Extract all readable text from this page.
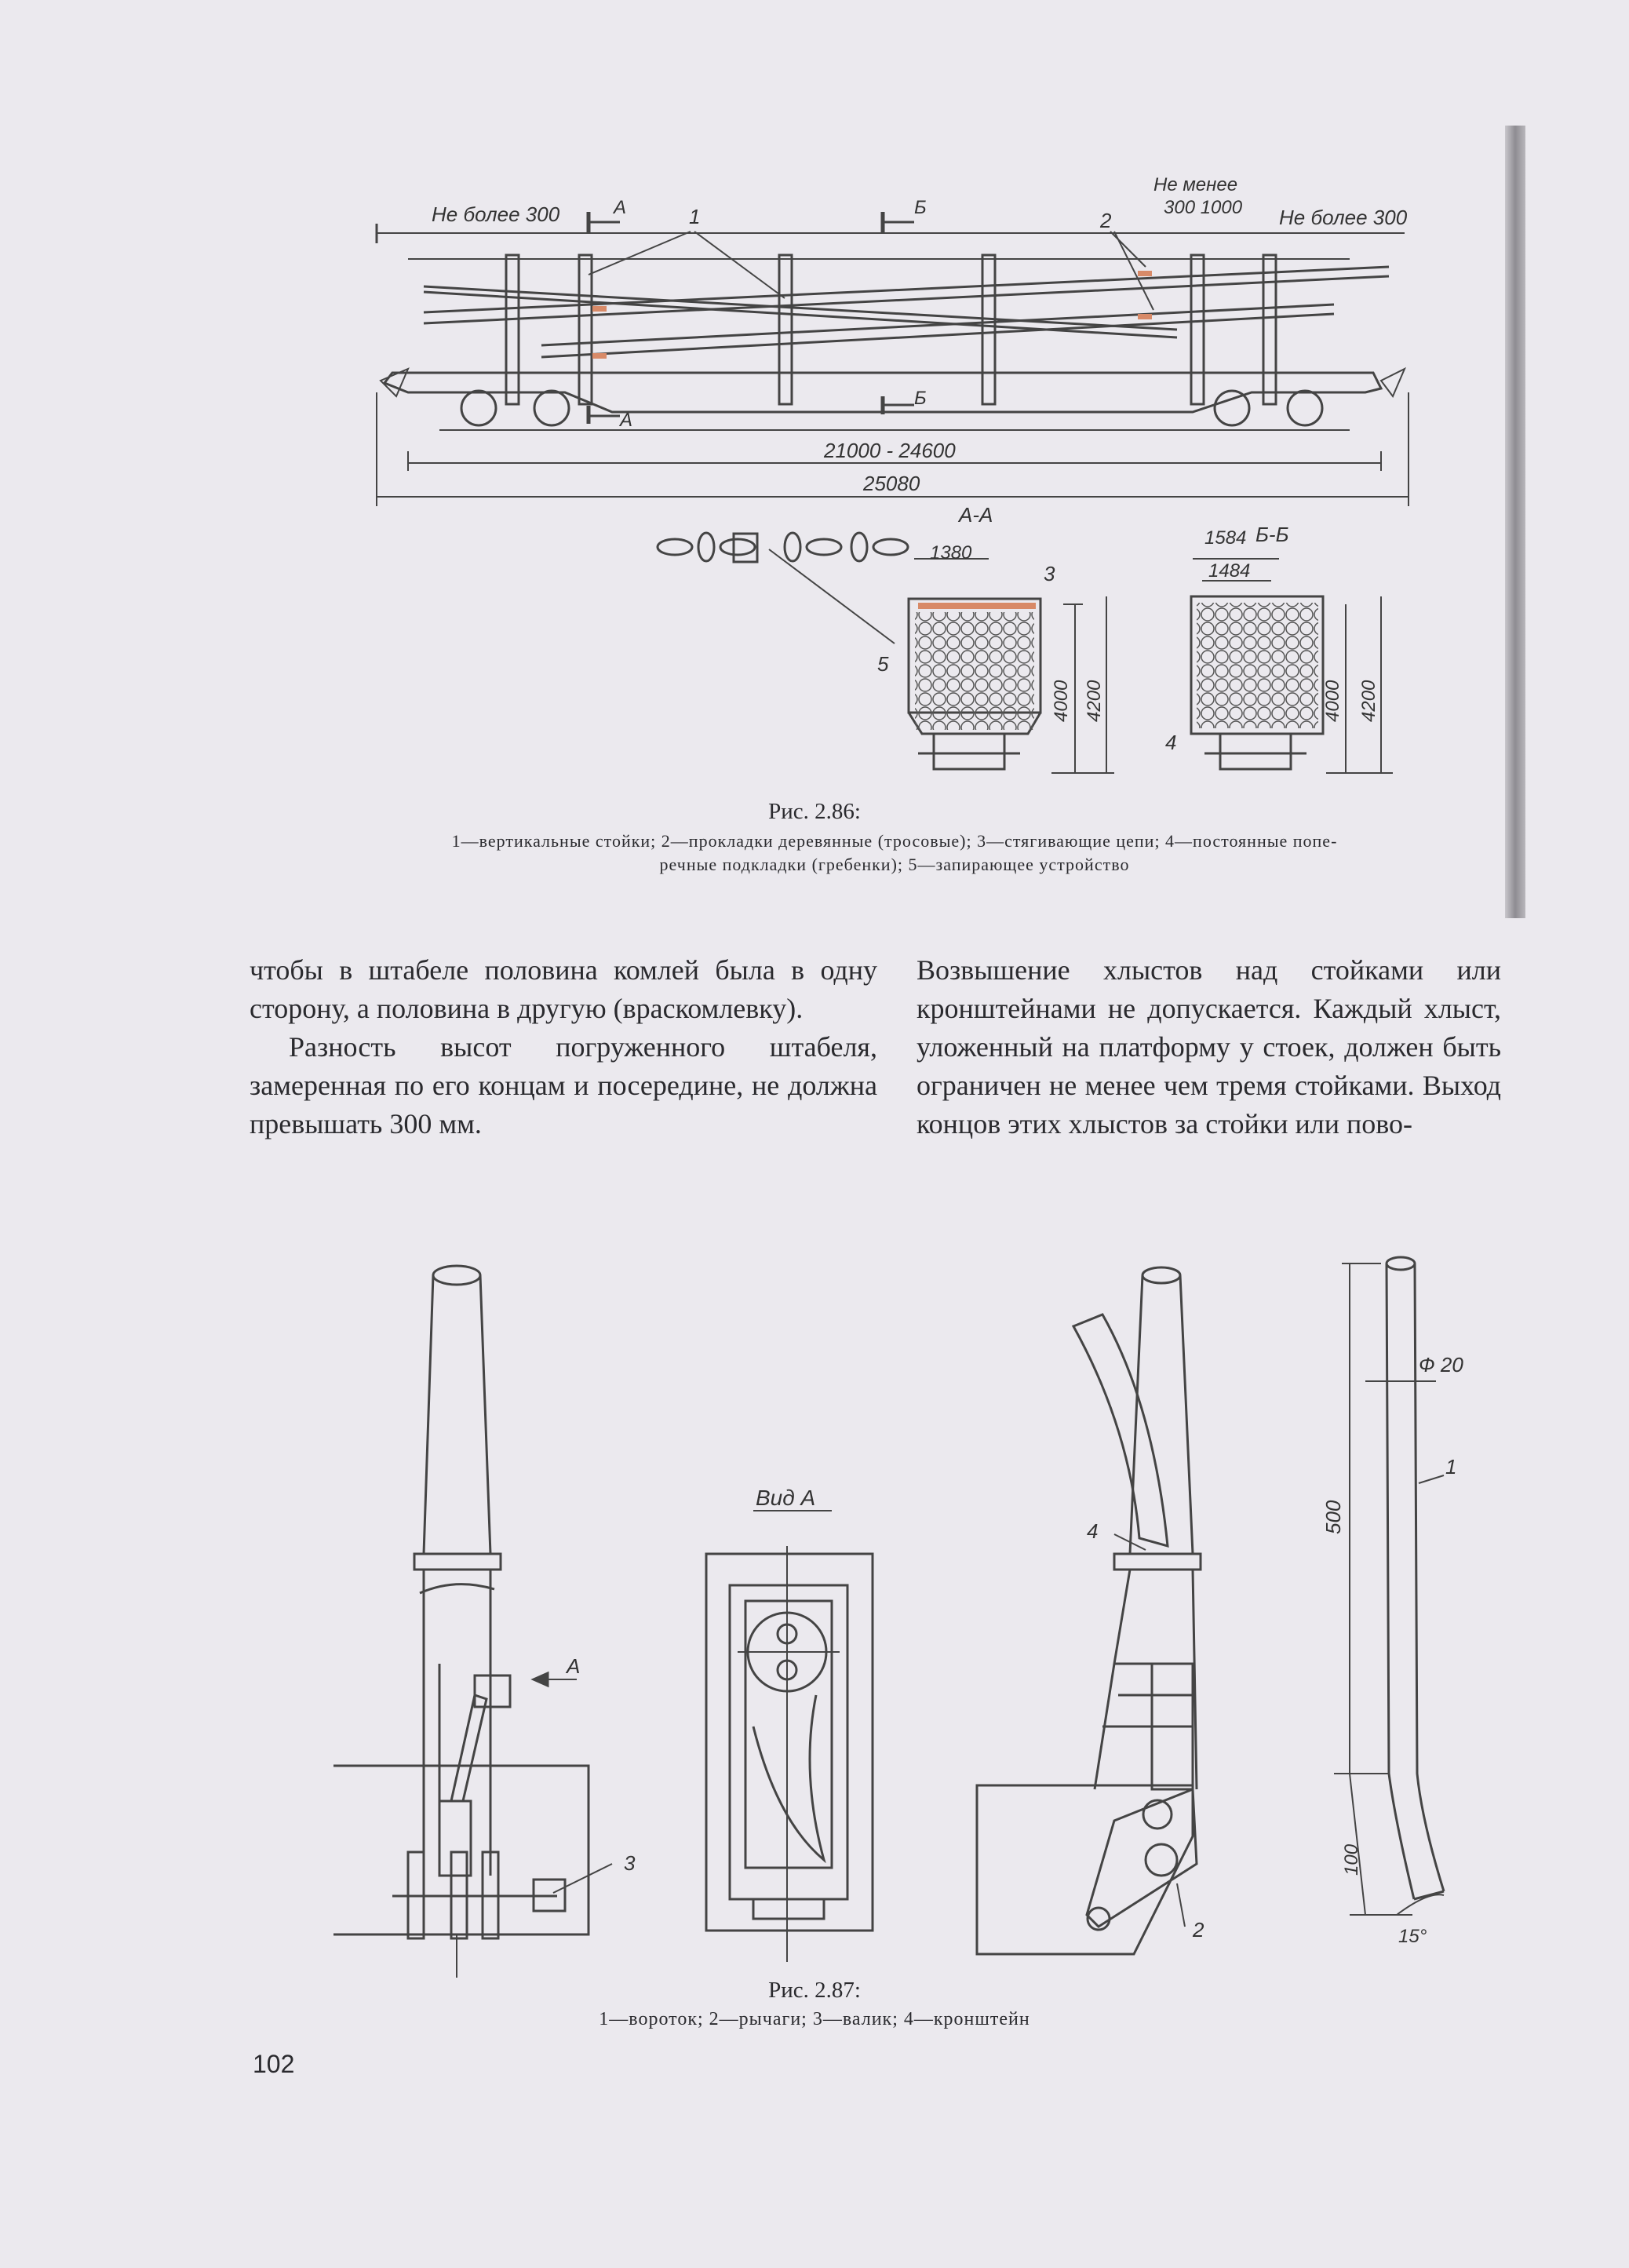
Не более 300	Не более 300
Не менее
300 1000
А	Б
А
Б
1	2
21000 - 24600
25080
А-А
Б-Б
1380
1584
1484
3
5
4
4000 4200	4000 4200
Рис. 2.86:
1—вертикальные стойки; 2—прокладки деревянные (тросовые); 3—стягивающие цепи; 4—постоянные попе-
речные подкладки (гребенки); 5—запирающее устройство

чтобы в штабеле половина комлей была в одну сторону, а половина в другую (враскомлевку).

Разность высот погруженного штабеля, замеренная по его концам и посередине, не должна превышать 300 мм.

Возвышение хлыстов над стойками или кронштейнами не допускается. Каждый хлыст, уложенный на платформу у стоек, должен быть ограничен не менее чем тремя стойками. Выход концов этих хлыстов за стойки или пово-

А
3
Вид А
4
2
1
Ф 20
500
100
15°
Рис. 2.87:
1—вороток; 2—рычаги; 3—валик; 4—кронштейн
102
